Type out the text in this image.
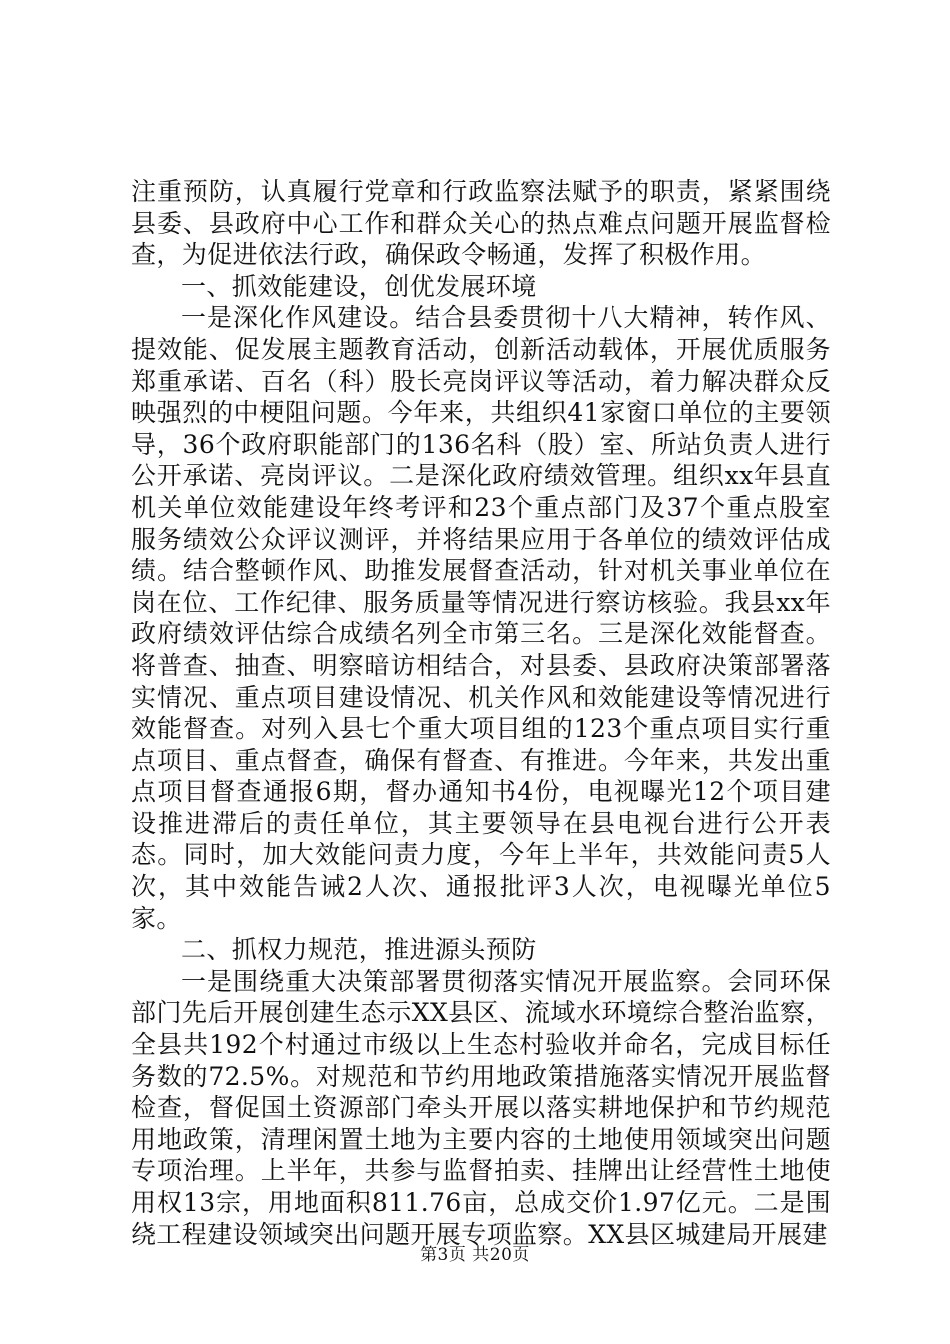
注重预防，认真履行党章和行政监察法赋予的职责，紧紧围绕县委、县政府中心工作和群众关心的热点难点问题开展监督检查，为促进依法行政，确保政令畅通，发挥了积极作用。

一、抓效能建设，创优发展环境

一是深化作风建设。结合县委贯彻十八大精神，转作风、提效能、促发展主题教育活动，创新活动载体，开展优质服务郑重承诺、百名（科）股长亮岗评议等活动，着力解决群众反映强烈的中梗阻问题。今年来，共组织41家窗口单位的主要领导，36个政府职能部门的136名科（股）室、所站负责人进行公开承诺、亮岗评议。二是深化政府绩效管理。组织xx年县直机关单位效能建设年终考评和23个重点部门及37个重点股室服务绩效公众评议测评，并将结果应用于各单位的绩效评估成绩。结合整顿作风、助推发展督查活动，针对机关事业单位在岗在位、工作纪律、服务质量等情况进行察访核验。我县xx年政府绩效评估综合成绩名列全市第三名。三是深化效能督查。将普查、抽查、明察暗访相结合，对县委、县政府决策部署落实情况、重点项目建设情况、机关作风和效能建设等情况进行效能督查。对列入县七个重大项目组的123个重点项目实行重点项目、重点督查，确保有督查、有推进。今年来，共发出重点项目督查通报6期，督办通知书4份，电视曝光12个项目建设推进滞后的责任单位，其主要领导在县电视台进行公开表态。同时，加大效能问责力度，今年上半年，共效能问责5人次，其中效能告诫2人次、通报批评3人次，电视曝光单位5家。

二、抓权力规范，推进源头预防

一是围绕重大决策部署贯彻落实情况开展监察。会同环保部门先后开展创建生态示XX县区、流域水环境综合整治监察，全县共192个村通过市级以上生态村验收并命名，完成目标任务数的72.5%。对规范和节约用地政策措施落实情况开展监督检查，督促国土资源部门牵头开展以落实耕地保护和节约规范用地政策，清理闲置土地为主要内容的土地使用领域突出问题专项治理。上半年，共参与监督拍卖、挂牌出让经营性土地使用权13宗，用地面积811.76亩，总成交价1.97亿元。二是围绕工程建设领域突出问题开展专项监察。XX县区城建局开展建

第3页 共20页
